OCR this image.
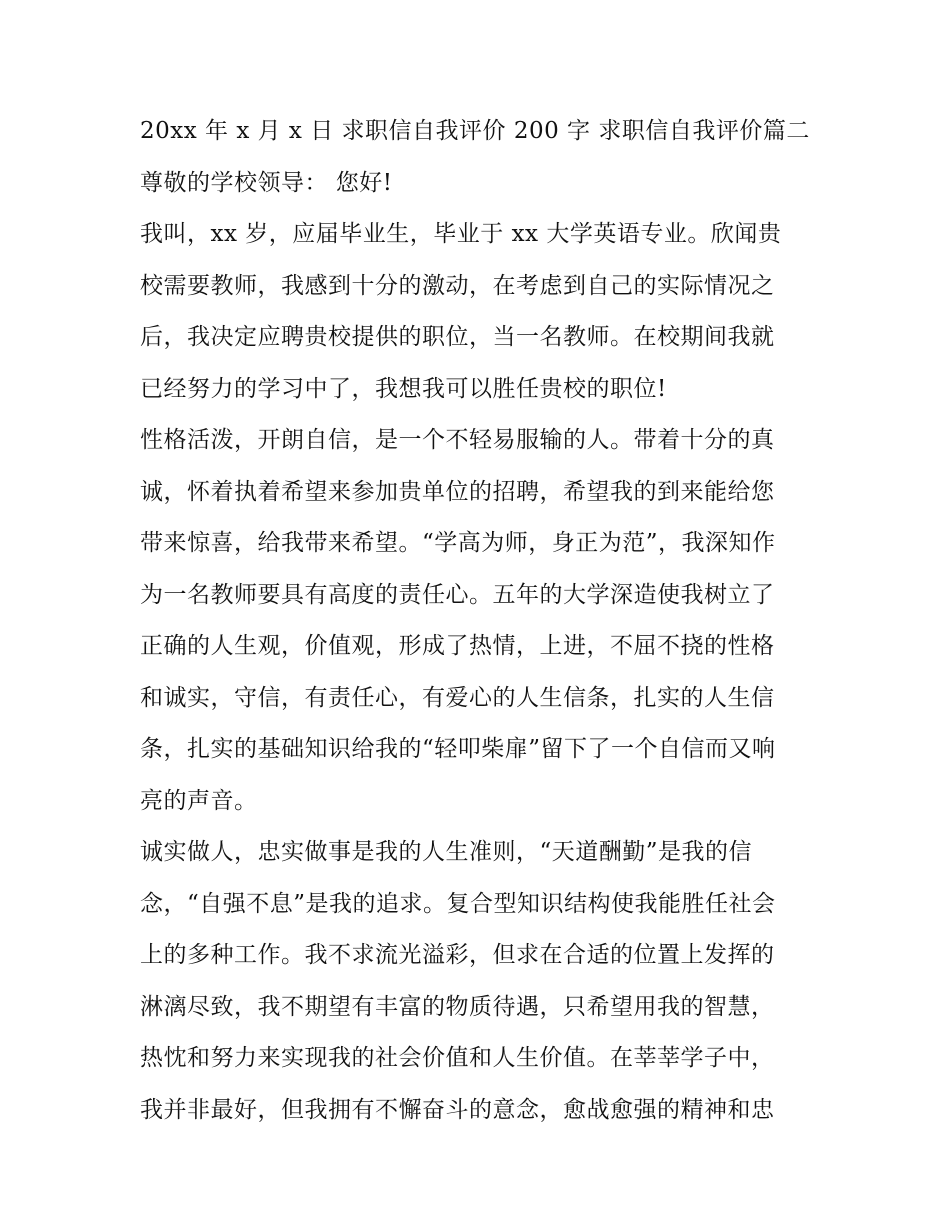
20xx 年 x 月 x 日 求职信自我评价 200 字 求职信自我评价篇二
尊敬的学校领导： 您好!
我叫，xx 岁，应届毕业生，毕业于 xx 大学英语专业。欣闻贵
校需要教师，我感到十分的激动，在考虑到自己的实际情况之
后，我决定应聘贵校提供的职位，当一名教师。在校期间我就
已经努力的学习中了，我想我可以胜任贵校的职位!
性格活泼，开朗自信，是一个不轻易服输的人。带着十分的真
诚，怀着执着希望来参加贵单位的招聘，希望我的到来能给您
带来惊喜，给我带来希望。“学高为师，身正为范”，我深知作
为一名教师要具有高度的责任心。五年的大学深造使我树立了
正确的人生观，价值观，形成了热情，上进，不屈不挠的性格
和诚实，守信，有责任心，有爱心的人生信条，扎实的人生信
条，扎实的基础知识给我的“轻叩柴扉”留下了一个自信而又响
亮的声音。
诚实做人，忠实做事是我的人生准则，“天道酬勤”是我的信
念，“自强不息”是我的追求。复合型知识结构使我能胜任社会
上的多种工作。我不求流光溢彩，但求在合适的位置上发挥的
淋漓尽致，我不期望有丰富的物质待遇，只希望用我的智慧，
热忱和努力来实现我的社会价值和人生价值。在莘莘学子中，
我并非最好，但我拥有不懈奋斗的意念，愈战愈强的精神和忠
